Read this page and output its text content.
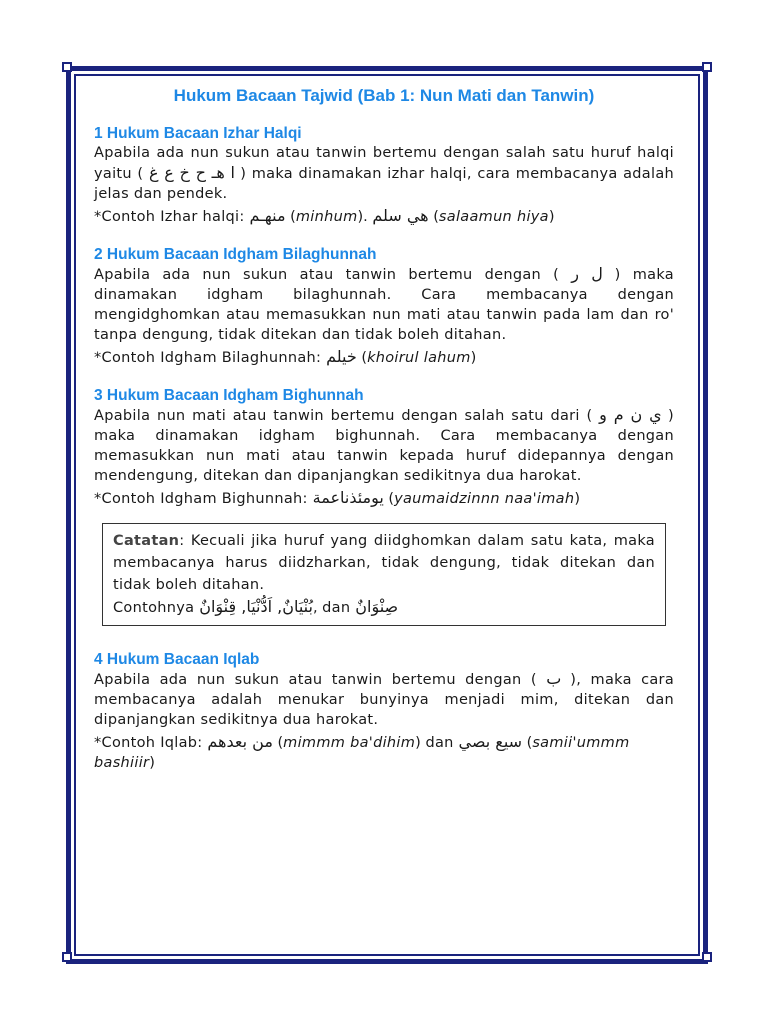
Hukum Bacaan Tajwid (Bab 1: Nun Mati dan Tanwin)
1 Hukum Bacaan Izhar Halqi

Apabila ada nun sukun atau tanwin bertemu dengan salah satu huruf halqi yaitu ( ا هـ ح خ ع غ ) maka dinamakan izhar halqi, cara membacanya adalah jelas dan pendek.

*Contoh Izhar halqi: منهـم (minhum). هي سلم (salaamun hiya)

2 Hukum Bacaan Idgham Bilaghunnah

Apabila ada nun sukun atau tanwin bertemu dengan ( ل ر ) maka dinamakan idgham bilaghunnah. Cara membacanya dengan mengidghomkan atau memasukkan nun mati atau tanwin pada lam dan ro' tanpa dengung, tidak ditekan dan tidak boleh ditahan.

*Contoh Idgham Bilaghunnah: خيلم (khoirul lahum)

3 Hukum Bacaan Idgham Bighunnah

Apabila nun mati atau tanwin bertemu dengan salah satu dari ( ي ن م و ) maka dinamakan idgham bighunnah. Cara membacanya dengan memasukkan nun mati atau tanwin kepada huruf didepannya dengan mendengung, ditekan dan dipanjangkan sedikitnya dua harokat.

*Contoh Idgham Bighunnah: يومئذناعمة (yaumaidzinnn naa'imah)

Catatan: Kecuali jika huruf yang diidghomkan dalam satu kata, maka membacanya harus diidzharkan, tidak dengung, tidak ditekan dan tidak boleh ditahan.
Contohnya بُنْيَانٌ, اَدُّنْيَا, قِنْوَانٌ, dan صِنْوَانٌ
4 Hukum Bacaan Iqlab

Apabila ada nun sukun atau tanwin bertemu dengan ( ب ), maka cara membacanya adalah menukar bunyinya menjadi mim, ditekan dan dipanjangkan sedikitnya dua harokat.

*Contoh Iqlab: من بعدهم (mimmm ba'dihim) dan سيع بصي (samii'ummm bashiiir)
